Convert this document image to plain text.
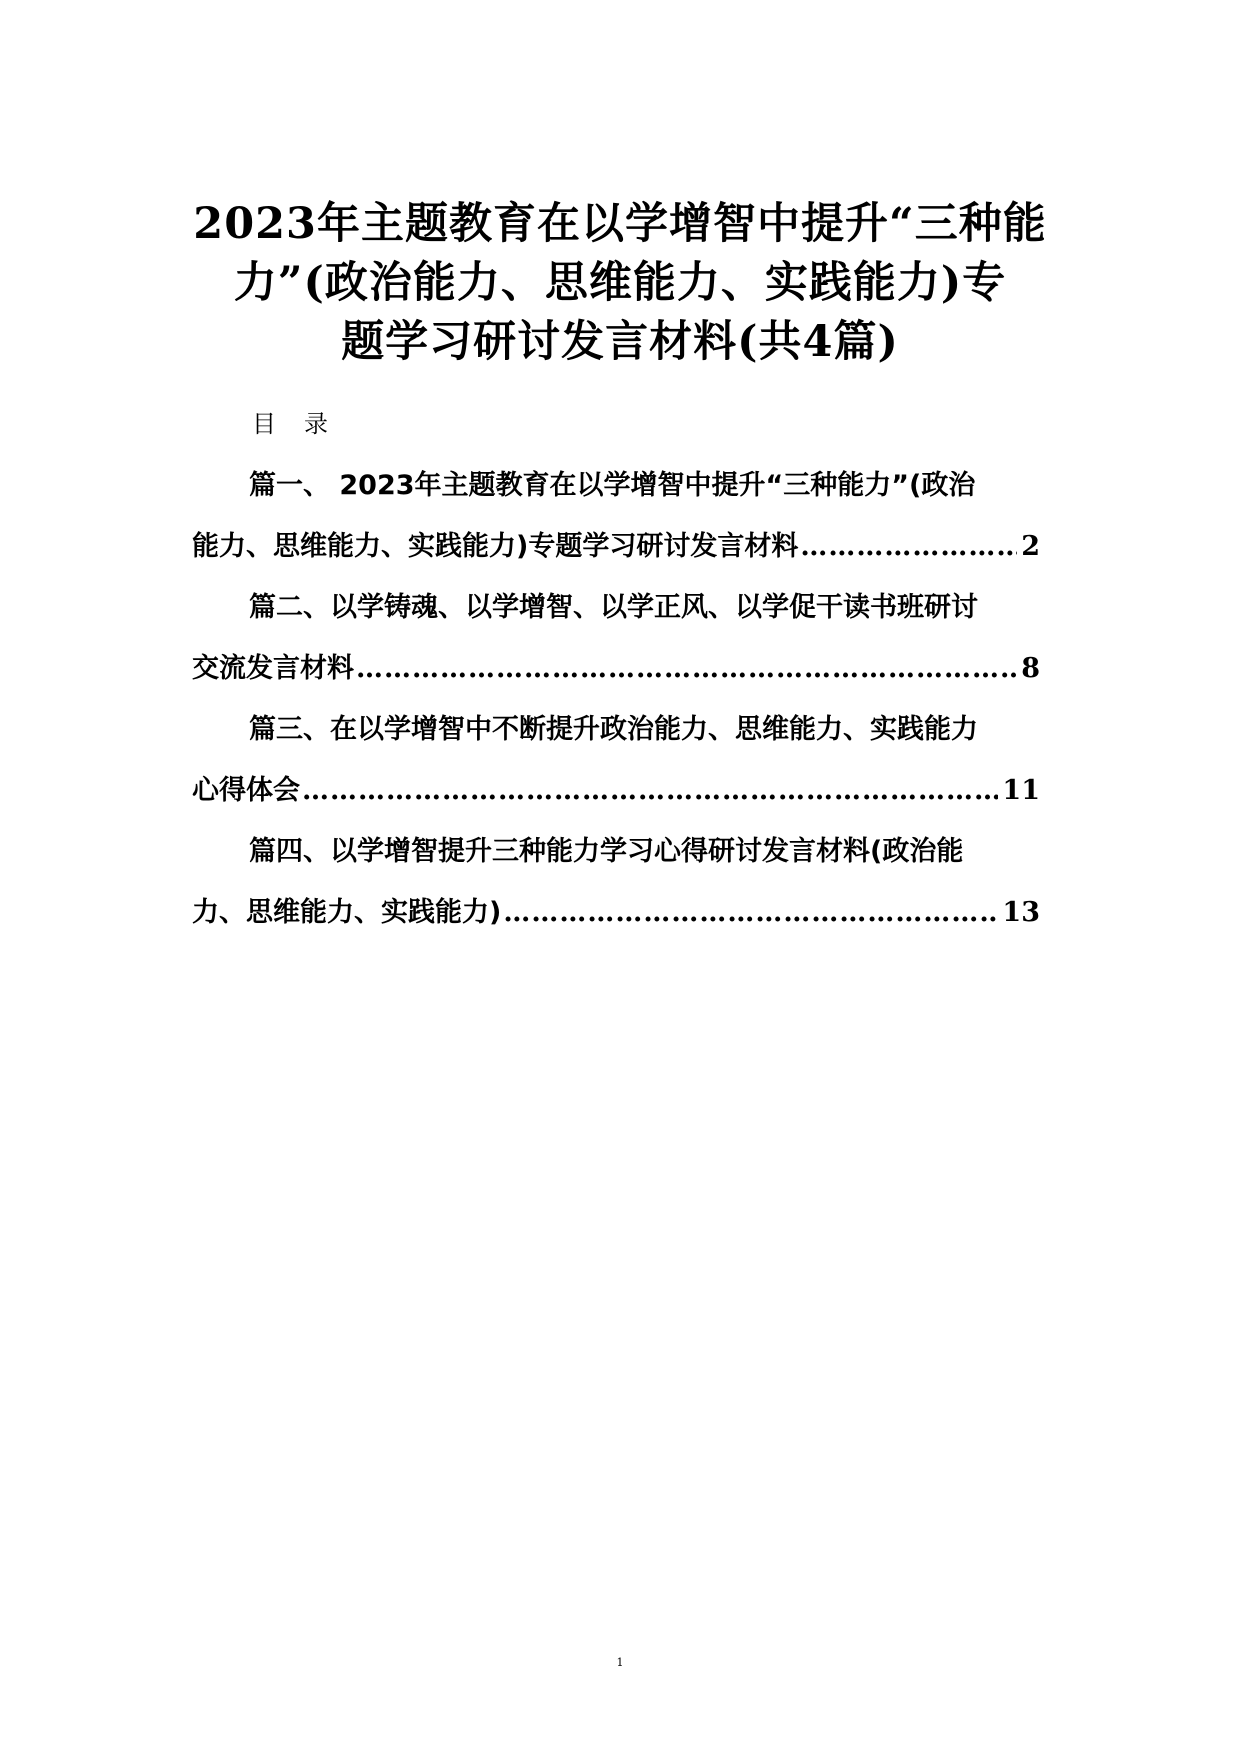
2023年主题教育在以学增智中提升“三种能
力”(政治能力、思维能力、实践能力)专
题学习研讨发言材料(共4篇)
目录
篇一、 2023年主题教育在以学增智中提升“三种能力”(政治
能力、思维能力、实践能力)专题学习研讨发言材料 ………………………………………………………………………………………………………………………………………………………………………………	2
篇二、以学铸魂、以学增智、以学正风、以学促干读书班研讨
交流发言材料 ………………………………………………………………………………………………………………………………………………………………………………	8
篇三、在以学增智中不断提升政治能力、思维能力、实践能力
心得体会 ………………………………………………………………………………………………………………………………………………………………………………	11
篇四、以学增智提升三种能力学习心得研讨发言材料(政治能
力、思维能力、实践能力) ………………………………………………………………………………………………………………………………………………………………………………	13
1
